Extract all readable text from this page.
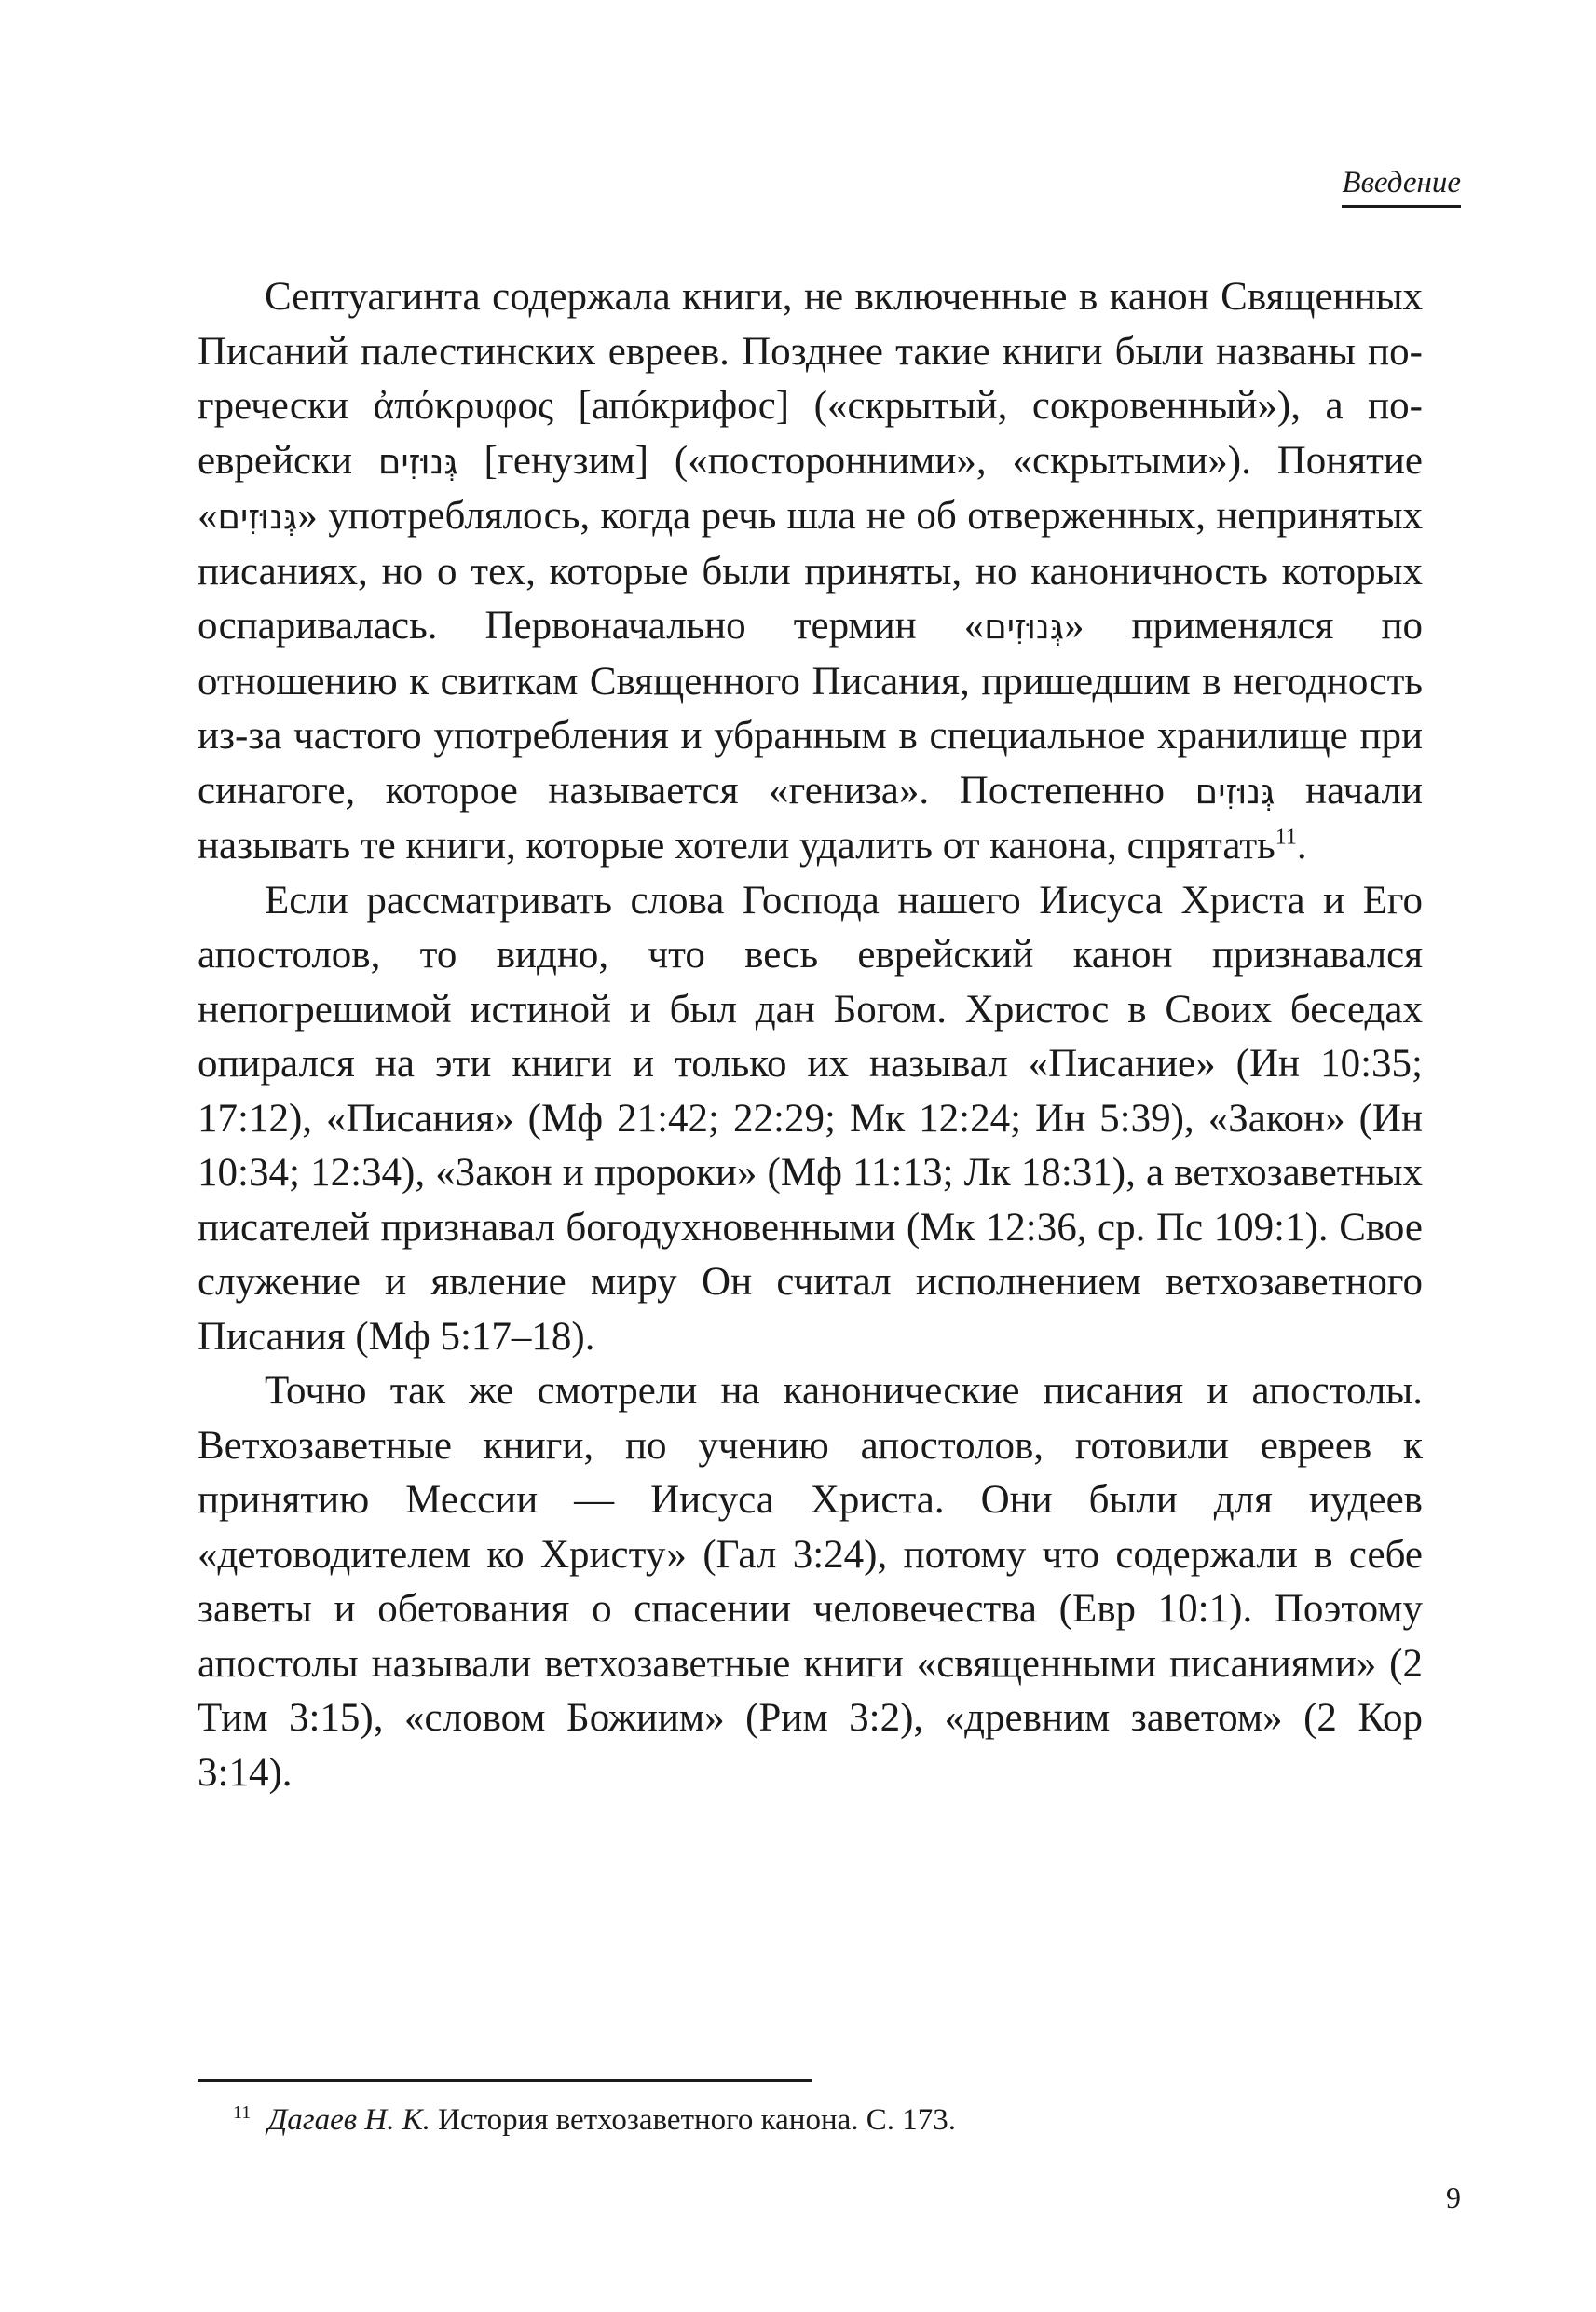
Введение

Септуагинта содержала книги, не включенные в канон Священных Писаний палестинских евреев. Позднее такие книги были названы по-гречески ἀπόκρυφος [апóкрифос] («скрытый, сокровенный»), а по-еврейски גְּנוּזִים [генузим] («посторонними», «скрытыми»). Понятие «גְּנוּזִים» употреблялось, когда речь шла не об отверженных, непринятых писаниях, но о тех, которые были приняты, но каноничность которых оспаривалась. Первоначально термин «גְּנוּזִים» применялся по отношению к свиткам Священного Писания, пришедшим в негодность из-за частого употребления и убранным в специальное хранилище при синагоге, которое называется «гениза». Постепенно גְּנוּזִים начали называть те книги, которые хотели удалить от канона, спрятать$^{11}$.

Если рассматривать слова Господа нашего Иисуса Христа и Его апостолов, то видно, что весь еврейский канон признавался непогрешимой истиной и был дан Богом. Христос в Своих беседах опирался на эти книги и только их называл «Писание» (Ин 10:35; 17:12), «Писания» (Мф 21:42; 22:29; Мк 12:24; Ин 5:39), «Закон» (Ин 10:34; 12:34), «Закон и пророки» (Мф 11:13; Лк 18:31), а ветхозаветных писателей признавал богодухновенными (Мк 12:36, ср. Пс 109:1). Свое служение и явление миру Он считал исполнением ветхозаветного Писания (Мф 5:17–18).

Точно так же смотрели на канонические писания и апостолы. Ветхозаветные книги, по учению апостолов, готовили евреев к принятию Мессии — Иисуса Христа. Они были для иудеев «детоводителем ко Христу» (Гал 3:24), потому что содержали в себе заветы и обетования о спасении человечества (Евр 10:1). Поэтому апостолы называли ветхозаветные книги «священными писаниями» (2 Тим 3:15), «словом Божиим» (Рим 3:2), «древним заветом» (2 Кор 3:14).

$^{11}$ Дагаев Н. К. История ветхозаветного канона. С. 173.
9
